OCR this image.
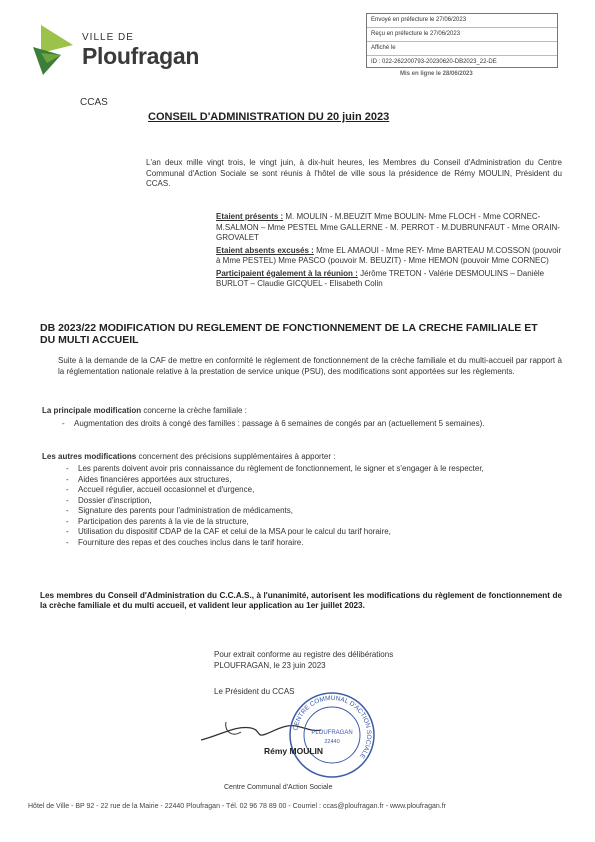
VILLE DE
Ploufragan
CCAS
Envoyé en préfecture le 27/06/2023
Reçu en préfecture le 27/06/2023
Affiché le
ID : 022-262200793-20230620-DB2023_22-DE
Mis en ligne le 28/06/2023
CONSEIL D'ADMINISTRATION DU 20 juin 2023
L'an deux mille vingt trois, le vingt juin, à dix-huit heures, les Membres du Conseil d'Administration du Centre Communal d'Action Sociale se sont réunis à l'hôtel de ville sous la présidence de Rémy MOULIN, Président du CCAS.

Etaient présents : M. MOULIN - M.BEUZIT Mme BOULIN- Mme FLOCH - Mme CORNEC- M.SALMON – Mme PESTEL Mme GALLERNE - M. PERROT - M.DUBRUNFAUT - Mme ORAIN-GROVALET

Etaient absents excusés : Mme EL AMAOUI - Mme REY- Mme BARTEAU M.COSSON (pouvoir à Mme PESTEL) Mme PASCO (pouvoir M. BEUZIT) - Mme HEMON (pouvoir Mme CORNEC)

Participaient également à la réunion : Jérôme TRETON - Valérie DESMOULINS – Danièle BURLOT – Claudie GICQUEL - Elisabeth Colin

DB 2023/22 MODIFICATION DU REGLEMENT DE FONCTIONNEMENT DE LA CRECHE FAMILIALE ET DU MULTI ACCUEIL
Suite à la demande de la CAF de mettre en conformité le règlement de fonctionnement de la crèche familiale et du multi-accueil par rapport à la réglementation nationale relative à la prestation de service unique (PSU), des modifications sont apportées sur les règlements.
La principale modification concerne la crèche familiale :
- Augmentation des droits à congé des familles : passage à 6 semaines de congés par an (actuellement 5 semaines).
Les autres modifications concernent des précisions supplémentaires à apporter :
- Les parents doivent avoir pris connaissance du règlement de fonctionnement, le signer et s'engager à le respecter,
- Aides financières apportées aux structures,
- Accueil régulier, accueil occasionnel et d'urgence,
- Dossier d'inscription,
- Signature des parents pour l'administration de médicaments,
- Participation des parents à la vie de la structure,
- Utilisation du dispositif CDAP de la CAF et celui de la MSA pour le calcul du tarif horaire,
- Fourniture des repas et des couches inclus dans le tarif horaire.
Les membres du Conseil d'Administration du C.C.A.S., à l'unanimité, autorisent les modifications du règlement de fonctionnement de la crèche familiale et du multi accueil, et valident leur application au 1er juillet 2023.
Pour extrait conforme au registre des délibérations
PLOUFRAGAN, le 23 juin 2023
Le Président du CCAS
CENTRE COMMUNAL D'ACTION SOCIALE
PLOUFRAGAN
22440
Rémy MOULIN
Centre Communal d'Action Sociale
Hôtel de Ville - BP 92 - 22 rue de la Mairie - 22440 Ploufragan - Tél. 02 96 78 89 00 - Courriel : ccas@ploufragan.fr - www.ploufragan.fr
